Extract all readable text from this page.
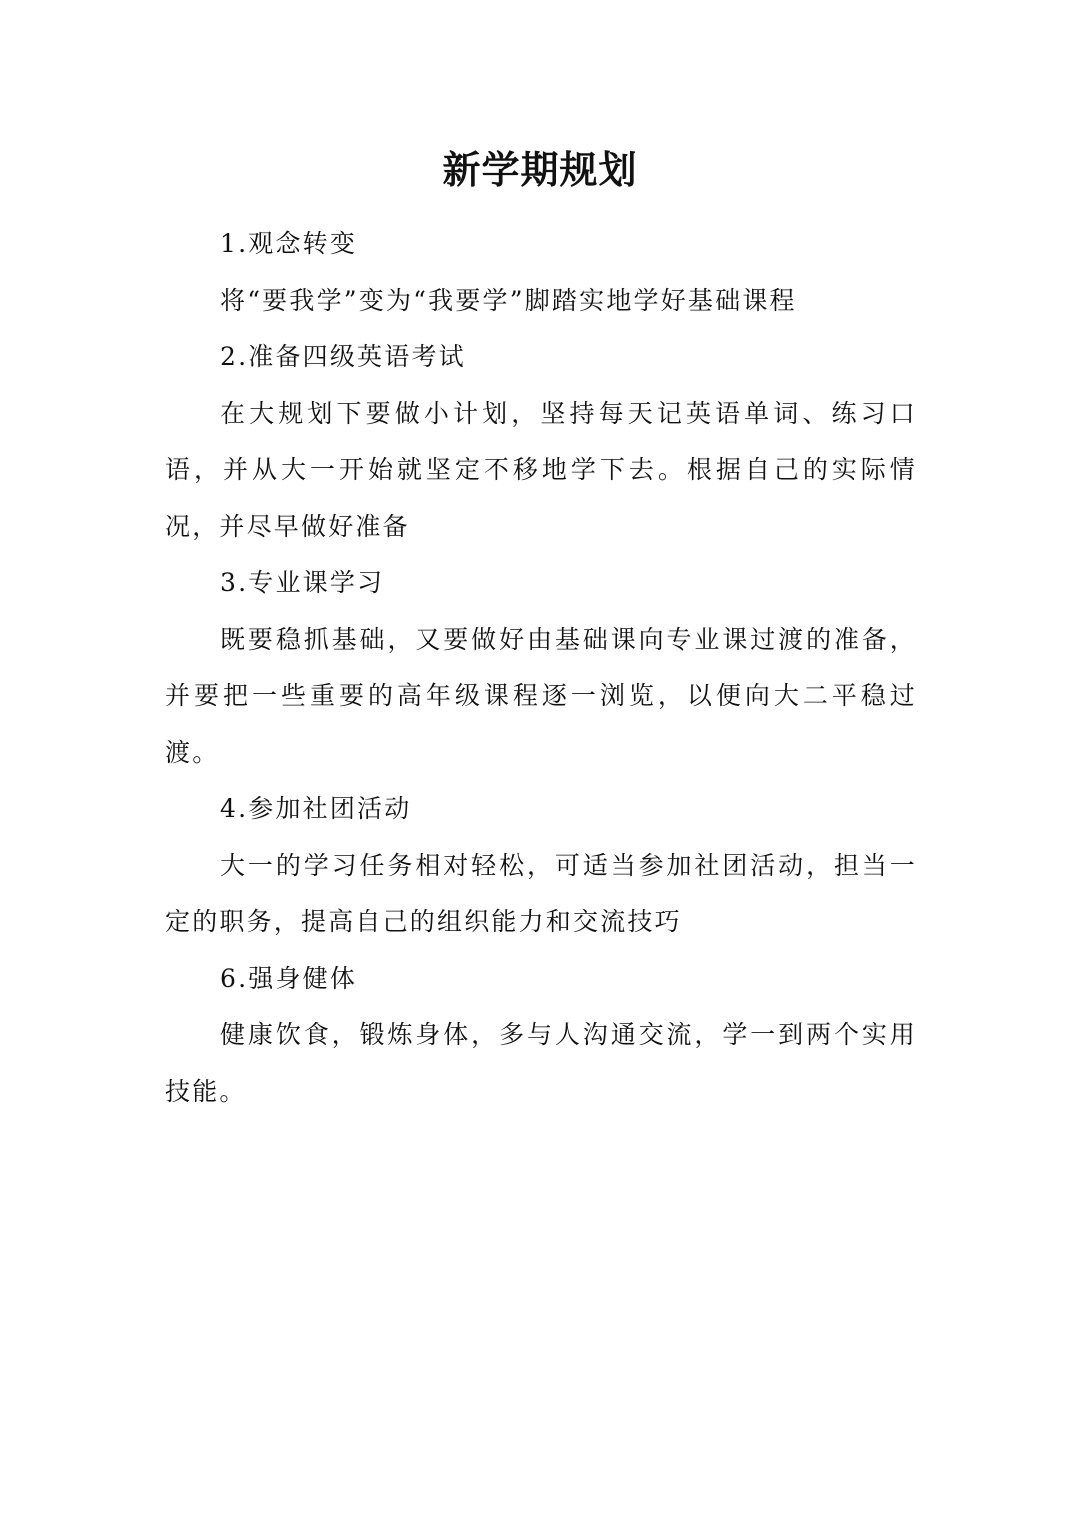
新学期规划

1.观念转变

将“要我学”变为“我要学”脚踏实地学好基础课程

2.准备四级英语考试

在大规划下要做小计划，坚持每天记英语单词、练习口语，并从大一开始就坚定不移地学下去。根据自己的实际情况，并尽早做好准备

3.专业课学习

既要稳抓基础，又要做好由基础课向专业课过渡的准备，并要把一些重要的高年级课程逐一浏览，以便向大二平稳过渡。

4.参加社团活动

大一的学习任务相对轻松，可适当参加社团活动，担当一定的职务，提高自己的组织能力和交流技巧

6.强身健体

健康饮食，锻炼身体，多与人沟通交流，学一到两个实用技能。
